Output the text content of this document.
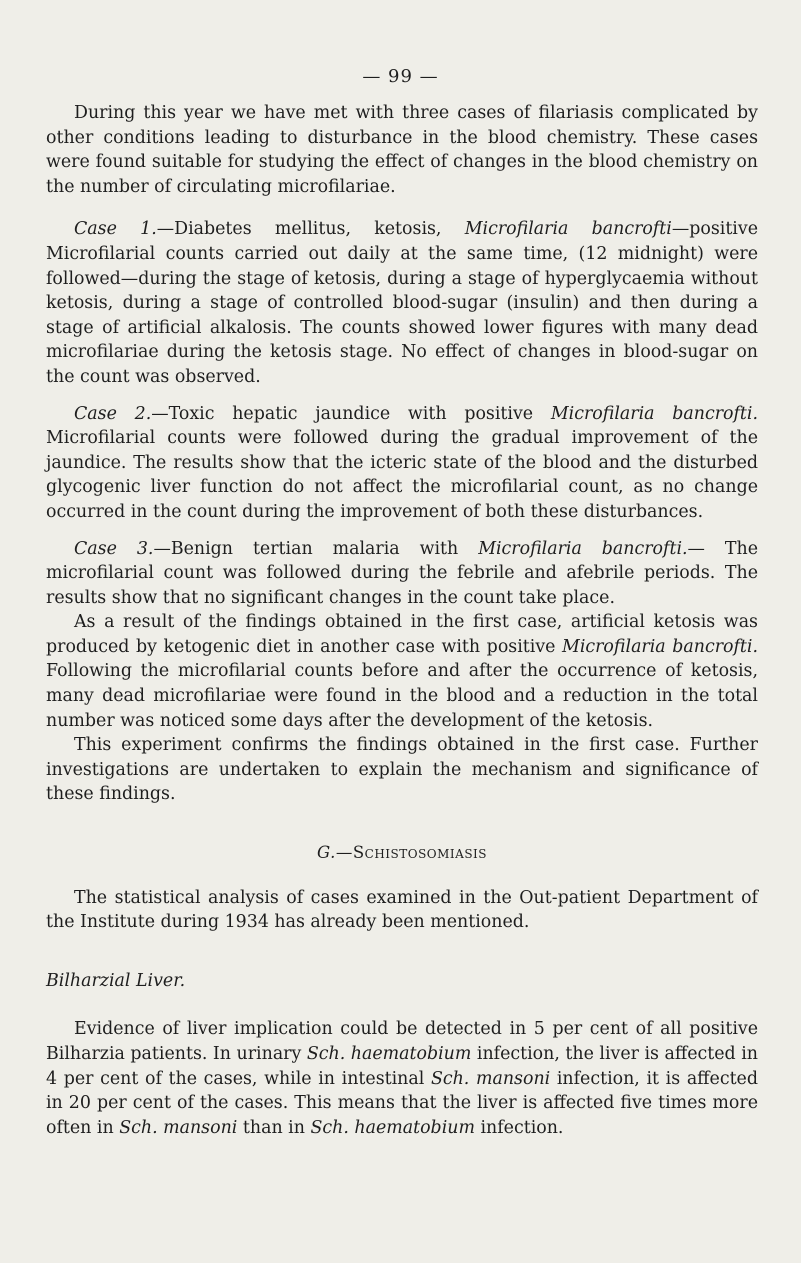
— 99 —

During this year we have met with three cases of filariasis complicated by other conditions leading to disturbance in the blood chemistry. These cases were found suitable for studying the effect of changes in the blood chemistry on the number of circulating microfilariae.

Case 1.—Diabetes mellitus, ketosis, Microfilaria bancrofti—positive Microfilarial counts carried out daily at the same time, (12 midnight) were followed—during the stage of ketosis, during a stage of hyperglycaemia without ketosis, during a stage of controlled blood-sugar (insulin) and then during a stage of artificial alkalosis. The counts showed lower figures with many dead microfilariae during the ketosis stage. No effect of changes in blood-sugar on the count was observed.

Case 2.—Toxic hepatic jaundice with positive Microfilaria bancrofti. Microfilarial counts were followed during the gradual improvement of the jaundice. The results show that the icteric state of the blood and the disturbed glycogenic liver function do not affect the microfilarial count, as no change occurred in the count during the improvement of both these disturbances.

Case 3.—Benign tertian malaria with Microfilaria bancrofti.— The microfilarial count was followed during the febrile and afebrile periods. The results show that no significant changes in the count take place.

As a result of the findings obtained in the first case, artificial ketosis was produced by ketogenic diet in another case with positive Microfilaria bancrofti. Following the microfilarial counts before and after the occurrence of ketosis, many dead microfilariae were found in the blood and a reduction in the total number was noticed some days after the development of the ketosis.

This experiment confirms the findings obtained in the first case. Further investigations are undertaken to explain the mechanism and significance of these findings.

G.—Schistosomiasis

The statistical analysis of cases examined in the Out-patient Department of the Institute during 1934 has already been mentioned.

Bilharzial Liver.

Evidence of liver implication could be detected in 5 per cent of all positive Bilharzia patients. In urinary Sch. haematobium infection, the liver is affected in 4 per cent of the cases, while in intestinal Sch. mansoni infection, it is affected in 20 per cent of the cases. This means that the liver is affected five times more often in Sch. mansoni than in Sch. haematobium infection.
